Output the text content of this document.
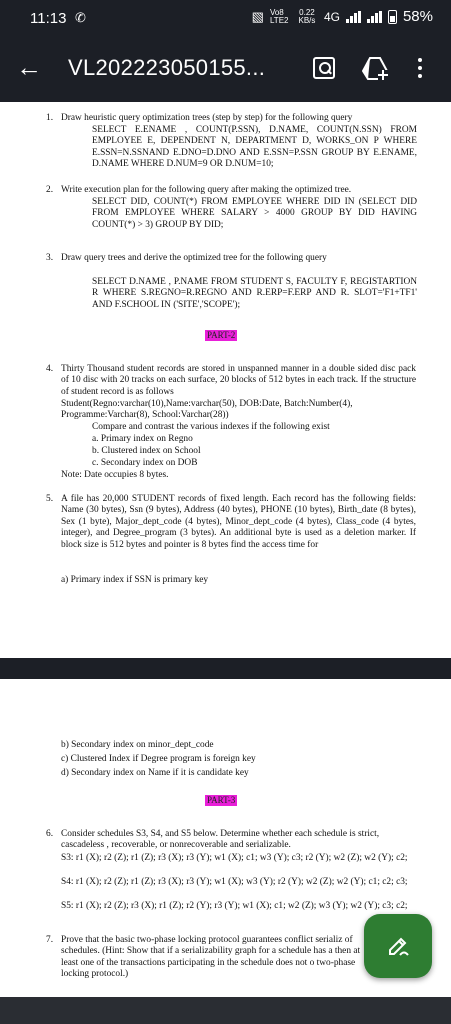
11:13 ✆	▧ Vo8 LTE2
0.22 KB/s 4G	58%
← VL202223050155...
1. Draw heuristic query optimization trees (step by step) for the following query
SELECT E.ENAME , COUNT(P.SSN), D.NAME, COUNT(N.SSN) FROM EMPLOYEE E, DEPENDENT N, DEPARTMENT D, WORKS_ON P WHERE E.SSN=N.SSNAND E.DNO=D.DNO AND E.SSN=P.SSN GROUP BY E.ENAME, D.NAME WHERE D.NUM=9 OR D.NUM=10;
2. Write execution plan for the following query after making the optimized tree.
SELECT DID, COUNT(*) FROM EMPLOYEE WHERE DID IN (SELECT DID FROM EMPLOYEE WHERE SALARY > 4000 GROUP BY DID HAVING COUNT(*) > 3) GROUP BY DID;
3. Draw query trees and derive the optimized tree for the following query
SELECT D.NAME , P.NAME FROM STUDENT S, FACULTY F, REGISTARTION R WHERE S.REGNO=R.REGNO AND R.ERP=F.ERP AND R. SLOT='F1+TF1' AND F.SCHOOL IN ('SITE','SCOPE');
PART-2
4. Thirty Thousand student records are stored in unspanned manner in a double sided disc pack of 10 disc with 20 tracks on each surface, 20 blocks of 512 bytes in each track. If the structure of student record is as follows
Student(Regno:varchar(10),Name:varchar(50), DOB:Date, Batch:Number(4), Programme:Varchar(8), School:Varchar(28))
Compare and contrast the various indexes if the following exist
a. Primary index on Regno
b. Clustered index on School
c. Secondary index on DOB
Note: Date occupies 8 bytes.
5. A file has 20,000 STUDENT records of fixed length. Each record has the following fields: Name (30 bytes), Ssn (9 bytes), Address (40 bytes), PHONE (10 bytes), Birth_date (8 bytes), Sex (1 byte), Major_dept_code (4 bytes), Minor_dept_code (4 bytes), Class_code (4 bytes, integer), and Degree_program (3 bytes). An additional byte is used as a deletion marker. If block size is 512 bytes and pointer is 8 bytes find the access time for
a) Primary index if SSN is primary key
b) Secondary index on minor_dept_code
c) Clustered Index if Degree program is foreign key
d) Secondary index on Name if it is candidate key
PART-3
6. Consider schedules S3, S4, and S5 below. Determine whether each schedule is strict, cascadeless , recoverable, or nonrecoverable and serializable.
S3: r1 (X); r2 (Z); r1 (Z); r3 (X); r3 (Y); w1 (X); c1; w3 (Y); c3; r2 (Y); w2 (Z); w2 (Y); c2;
S4: r1 (X); r2 (Z); r1 (Z); r3 (X); r3 (Y); w1 (X); w3 (Y); r2 (Y); w2 (Z); w2 (Y); c1; c2; c3;
S5: r1 (X); r2 (Z); r3 (X); r1 (Z); r2 (Y); r3 (Y); w1 (X); c1; w2 (Z); w3 (Y); w2 (Y); c3; c2;
7. Prove that the basic two-phase locking protocol guarantees conflict serializ of schedules. (Hint: Show that if a serializability graph for a schedule has a then at least one of the transactions participating in the schedule does not o two-phase locking protocol.)
